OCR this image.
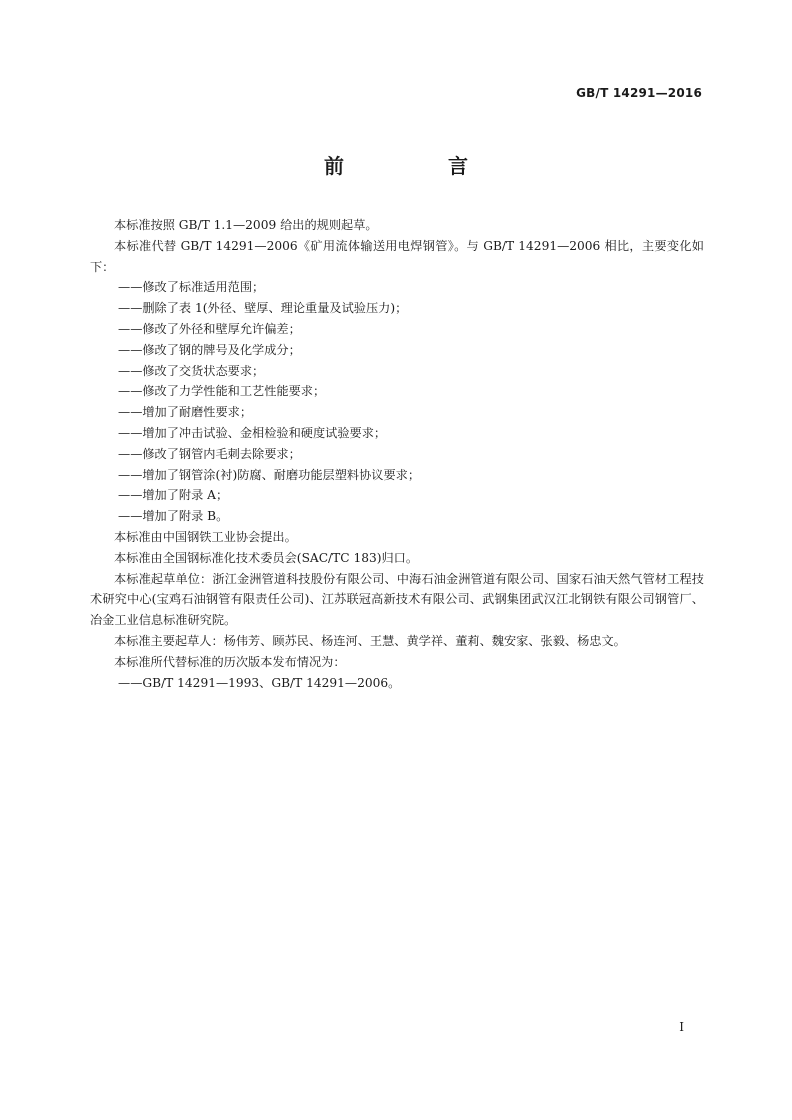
GB/T 14291—2016
前　言

本标准按照 GB/T 1.1—2009 给出的规则起草。

本标准代替 GB/T 14291—2006《矿用流体输送用电焊钢管》。与 GB/T 14291—2006 相比，主要变化如下：

——修改了标准适用范围；

——删除了表 1(外径、壁厚、理论重量及试验压力)；

——修改了外径和壁厚允许偏差；

——修改了钢的牌号及化学成分；

——修改了交货状态要求；

——修改了力学性能和工艺性能要求；

——增加了耐磨性要求；

——增加了冲击试验、金相检验和硬度试验要求；

——修改了钢管内毛刺去除要求；

——增加了钢管涂(衬)防腐、耐磨功能层塑料协议要求；

——增加了附录 A；

——增加了附录 B。

本标准由中国钢铁工业协会提出。

本标准由全国钢标准化技术委员会(SAC/TC 183)归口。

本标准起草单位：浙江金洲管道科技股份有限公司、中海石油金洲管道有限公司、国家石油天然气管材工程技术研究中心(宝鸡石油钢管有限责任公司)、江苏联冠高新技术有限公司、武钢集团武汉江北钢铁有限公司钢管厂、冶金工业信息标准研究院。

本标准主要起草人：杨伟芳、顾苏民、杨连河、王慧、黄学祥、董莉、魏安家、张毅、杨忠文。

本标准所代替标准的历次版本发布情况为：

——GB/T 14291—1993、GB/T 14291—2006。

I
